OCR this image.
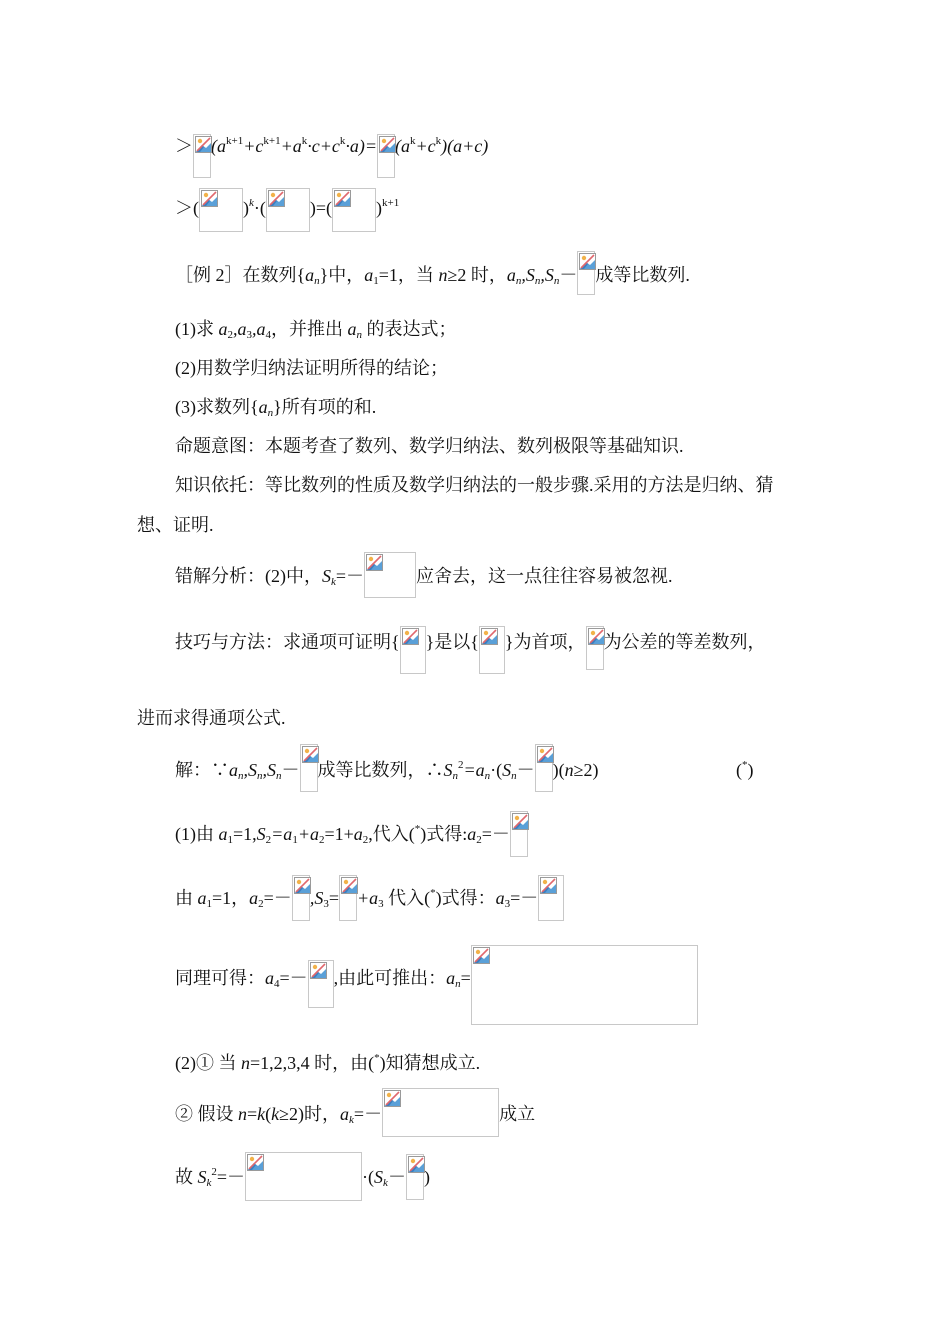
＞ $(a^{k+1}+c^{k+1}+a^k\cdot c+c^k\cdot a)= (a^k+c^k)(a+c)$
＞( )$^k$·( )=( )$^{k+1}$
［例 2］在数列$\{a_n\}$中，$a_1=1$，当 n≥2 时，$a_n,S_n,S_n-$ 成等比数列.
(1)求 $a_2,a_3,a_4$，并推出 $a_n$ 的表达式；
(2)用数学归纳法证明所得的结论；
(3)求数列$\{a_n\}$所有项的和.
命题意图：本题考查了数列、数学归纳法、数列极限等基础知识.
知识依托：等比数列的性质及数学归纳法的一般步骤.采用的方法是归纳、猜
想、证明.
错解分析：(2)中，$S_k=-$	应舍去，这一点往往容易被忽视.
技巧与方法：求通项可证明{ }是以{ }为首项， 为公差的等差数列，
进而求得通项公式.
解：$\because a_n,S_n,S_n-$ 成等比数列，$\therefore S_n^2=a_n\cdot(S_n- )(n\ge 2)$	(*)
(1)由 $a_1=1,S_2=a_1+a_2=1+a_2$,代入(*)式得$:a_2=-$
由 $a_1=1$，$a_2=- ,S_3= +a_3$ 代入(*)式得：$a_3=-$
同理可得：$a_4=-$ ,由此可推出：$a_n=$
(2)① 当 n=1,2,3,4 时，由(*)知猜想成立.
② 假设 n=k(k≥2)时，$a_k=-$	成立
故 $S_k^2=-$	$\cdot(S_k-$ )
